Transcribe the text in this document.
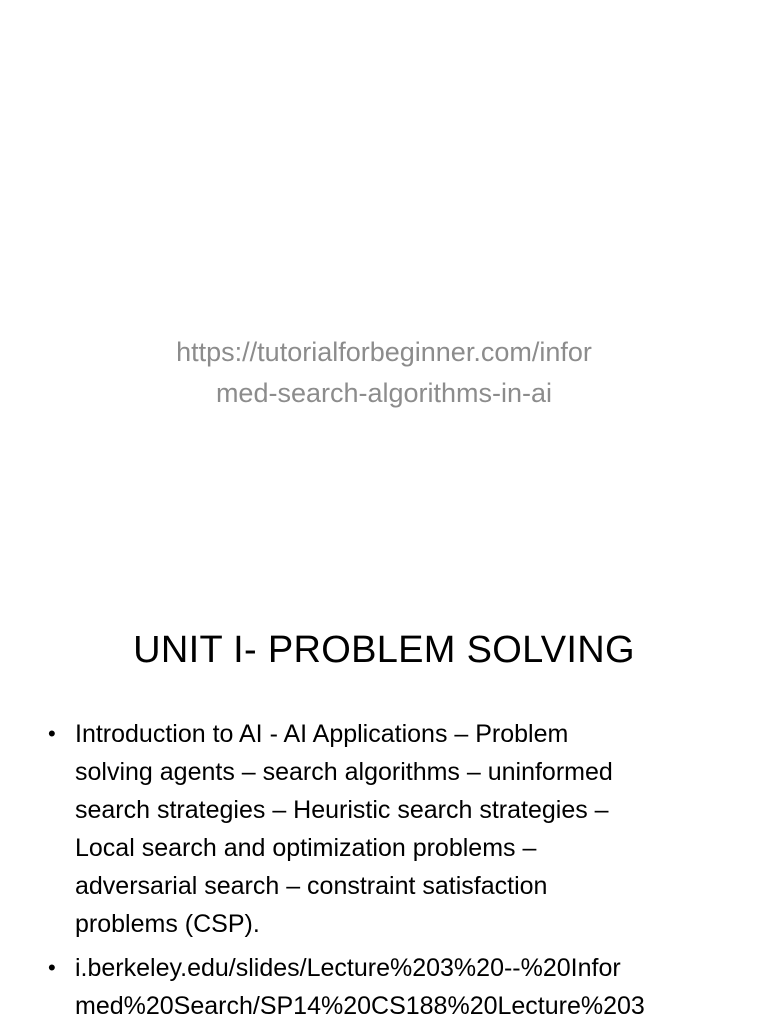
https://tutorialforbeginner.com/infor
med-search-algorithms-in-ai
UNIT I- PROBLEM SOLVING
• Introduction to AI - AI Applications – Problem
solving agents – search algorithms – uninformed
search strategies – Heuristic search strategies –
Local search and optimization problems –
adversarial search – constraint satisfaction
problems (CSP).
• i.berkeley.edu/slides/Lecture%203%20--%20Infor
med%20Search/SP14%20CS188%20Lecture%203
